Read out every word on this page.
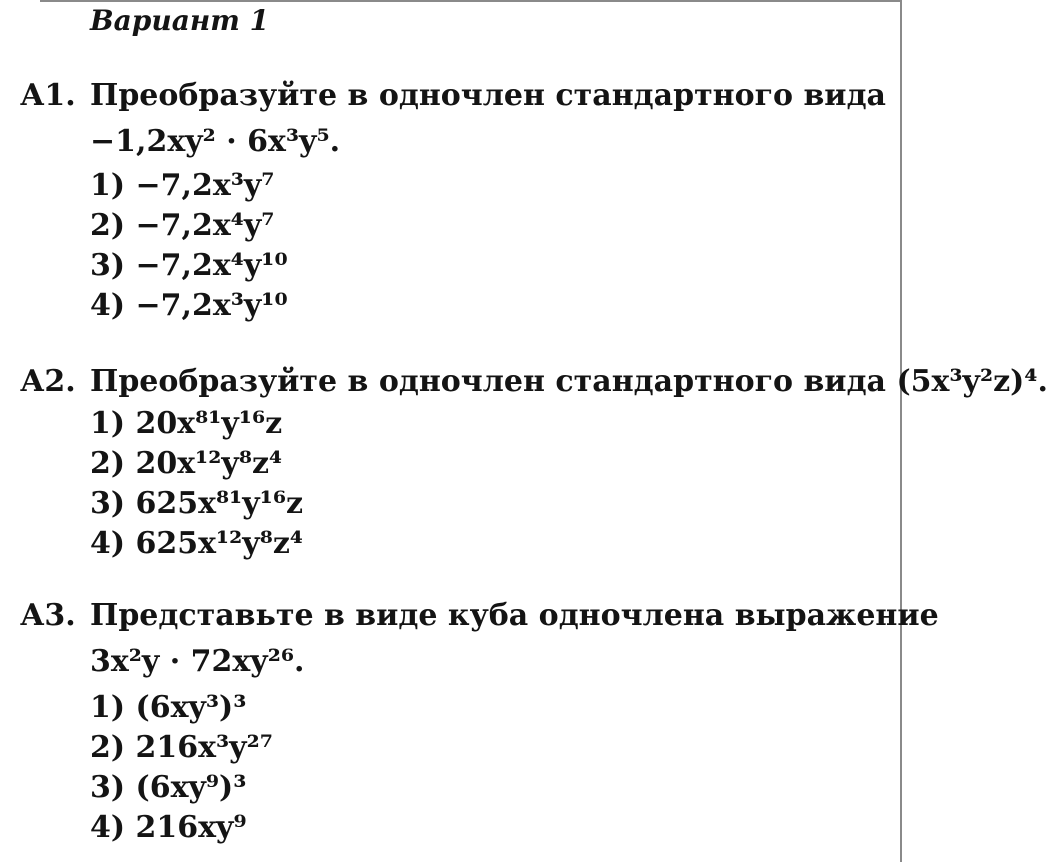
Вариант 1
А1. Преобразуйте в одночлен стандартного вида
−1,2xy² · 6x³y⁵.
1) −7,2x³y⁷
2) −7,2x⁴y⁷
3) −7,2x⁴y¹⁰
4) −7,2x³y¹⁰
А2. Преобразуйте в одночлен стандартного вида (5x³y²z)⁴.
1) 20x⁸¹y¹⁶z
2) 20x¹²y⁸z⁴
3) 625x⁸¹y¹⁶z
4) 625x¹²y⁸z⁴
А3. Представьте в виде куба одночлена выражение
3x²y · 72xy²⁶.
1) (6xy³)³
2) 216x³y²⁷
3) (6xy⁹)³
4) 216xy⁹
